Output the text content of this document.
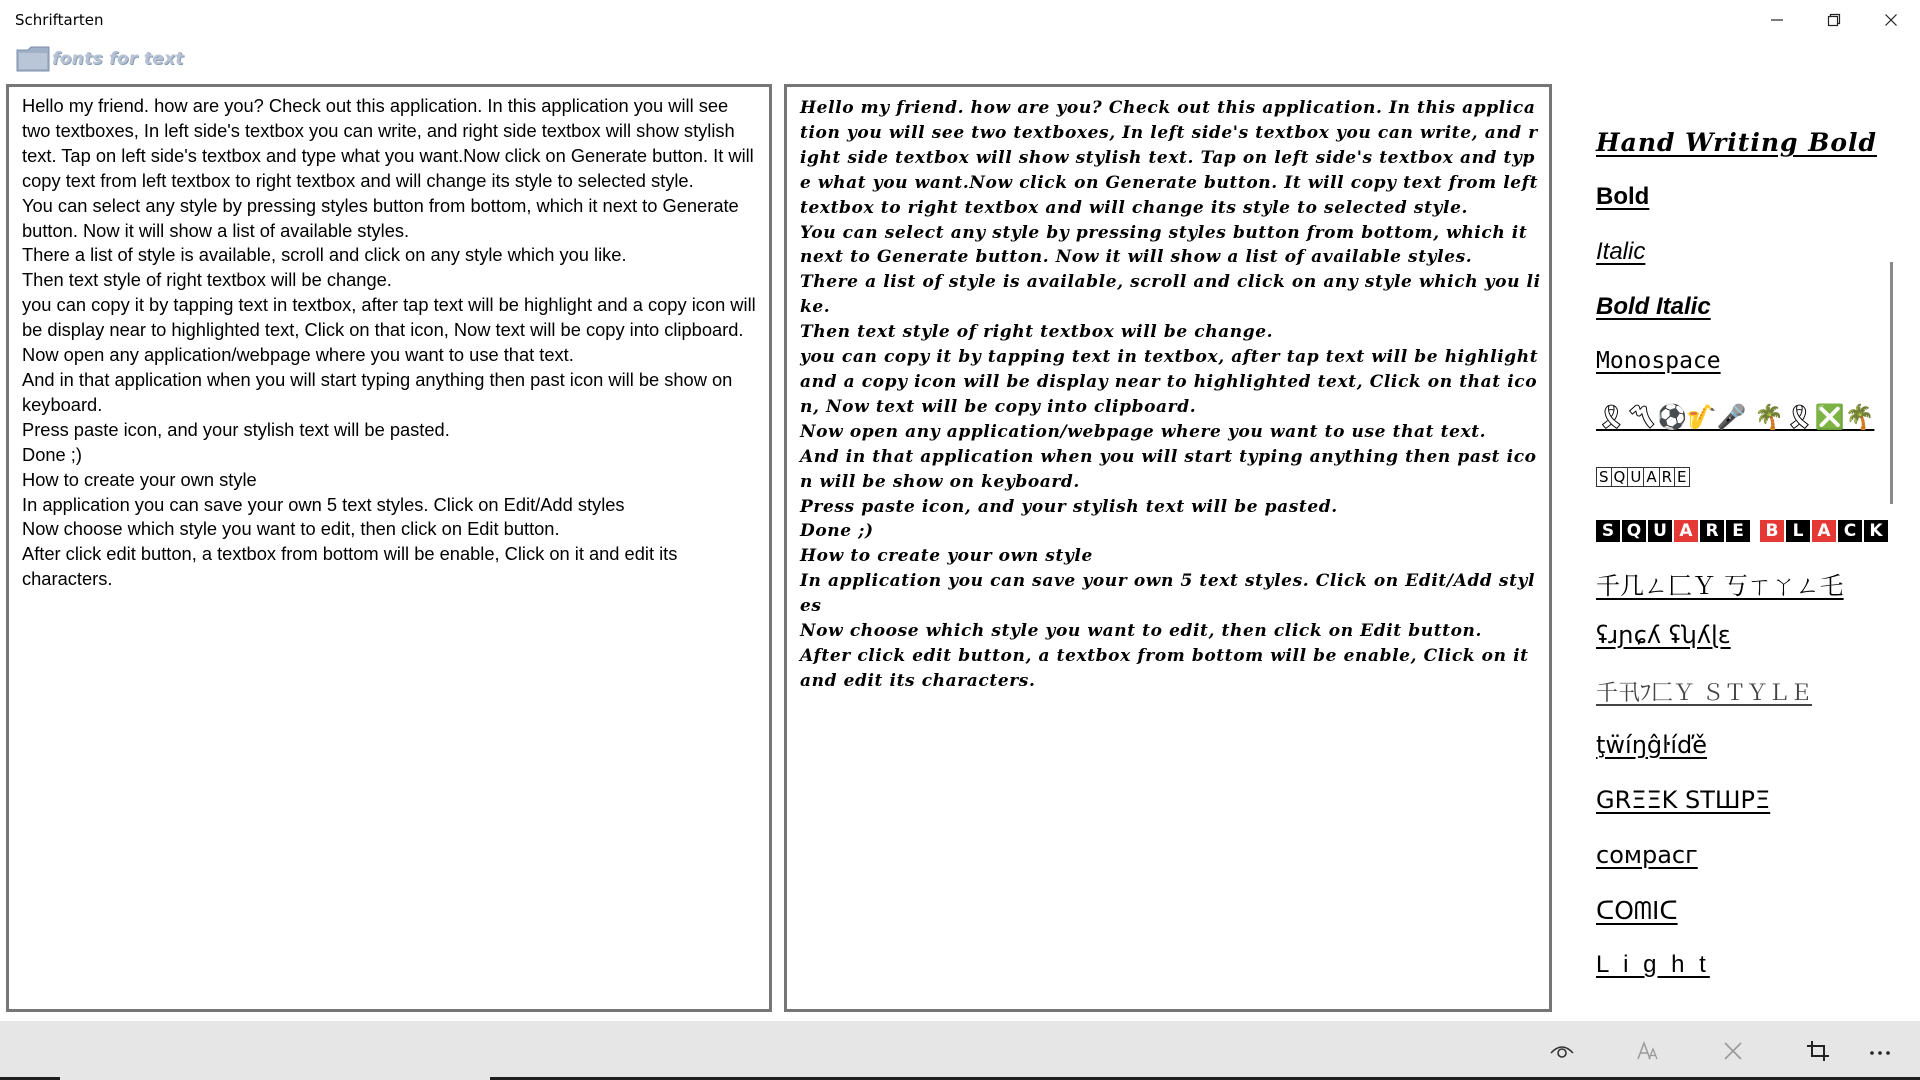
Schriftarten
fonts for text
Hello my friend. how are you? Check out this application. In this application you will see two textboxes, In left side's textbox you can write, and right side textbox will show stylish text. Tap on left side's textbox and type what you want.Now click on Generate button. It will copy text from left textbox to right textbox and will change its style to selected style.
You can select any style by pressing styles button from bottom, which it next to Generate button. Now it will show a list of available styles.
There a list of style is available, scroll and click on any style which you like.
Then text style of right textbox will be change.
you can copy it by tapping text in textbox, after tap text will be highlight and a copy icon will be display near to highlighted text, Click on that icon, Now text will be copy into clipboard.
Now open any application/webpage where you want to use that text.
And in that application when you will start typing anything then past icon will be show on keyboard.
Press paste icon, and your stylish text will be pasted.
Done ;)
How to create your own style
In application you can save your own 5 text styles. Click on Edit/Add styles
Now choose which style you want to edit, then click on Edit button.
After click edit button, a textbox from bottom will be enable, Click on it and edit its characters.
Hello my friend. how are you? Check out this application. In this application you will see two textboxes, In left side's textbox you can write, and right side textbox will show stylish text. Tap on left side's textbox and type what you want.Now click on Generate button. It will copy text from left textbox to right textbox and will change its style to selected style.
You can select any style by pressing styles button from bottom, which it next to Generate button. Now it will show a list of available styles.
There a list of style is available, scroll and click on any style which you like.
Then text style of right textbox will be change.
you can copy it by tapping text in textbox, after tap text will be highlight and a copy icon will be display near to highlighted text, Click on that icon, Now text will be copy into clipboard.
Now open any application/webpage where you want to use that text.
And in that application when you will start typing anything then past icon will be show on keyboard.
Press paste icon, and your stylish text will be pasted.
Done ;)
How to create your own style
In application you can save your own 5 text styles. Click on Edit/Add styles
Now choose which style you want to edit, then click on Edit button.
After click edit button, a textbox from bottom will be enable, Click on it and edit its characters.
Hand Writing Bold
Bold
Italic
Bold Italic
Monospace
🎗〽⚽🎷🎤 🌴🎗❎🌴
S Q U A R E
S Q U A R E B L A C K
千几ㄥ匚Ｙ 丂ㄒㄚㄥ乇
ʢɹɲɕʎ ʢʮʎɭɛ
千卂ﾌ匚Ｙ ＳＴＹＬＥ
ţẅíŋĝŀíďě
GRΞΞK STШPΞ
сомрасг
ᑕOᗰIᑕ
L i g h t
